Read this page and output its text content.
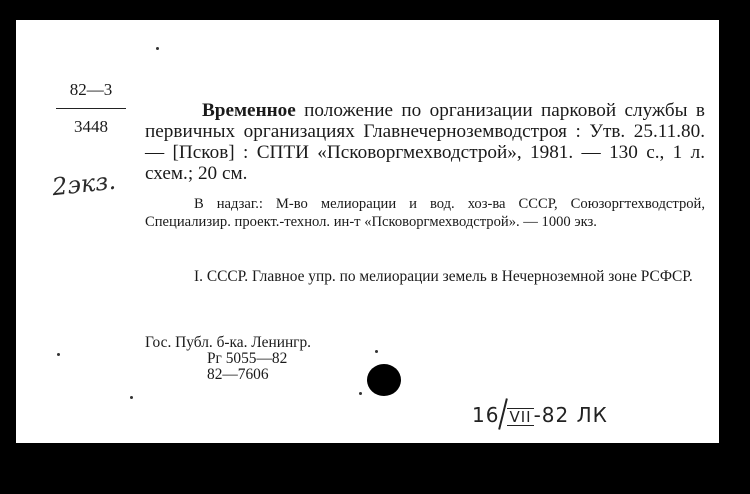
82—3
3448
2экз.
Временное положение по организации парковой службы в первичных организациях Главнечерноземводстроя : Утв. 25.11.80. — [Псков] : СПТИ «Псковоргмехводстрой», 1981. — 130 с., 1 л. схем.; 20 см.
В надзаг.: М-во мелиорации и вод. хоз-ва СССР, Союзоргтехводстрой, Специализир. проект.-технол. ин-т «Псковоргмехводстрой». — 1000 экз.
I. СССР. Главное упр. по мелиорации земель в Нечерноземной зоне РСФСР.
Гос. Публ. б-ка. Ленингр.
Рг 5055—82
82—7606
16 VII -82 ЛК
